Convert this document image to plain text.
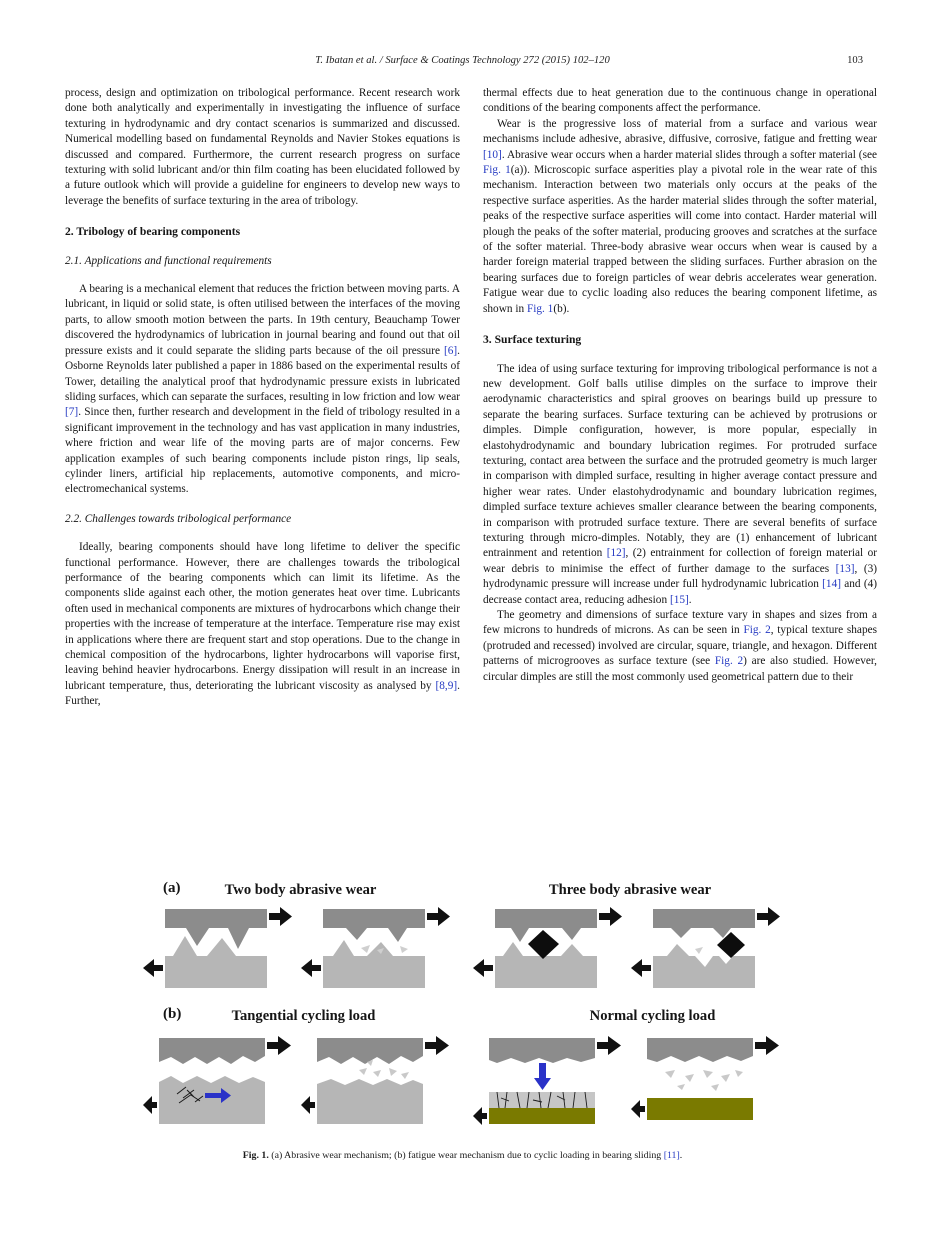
T. Ibatan et al. / Surface & Coatings Technology 272 (2015) 102–120	103

process, design and optimization on tribological performance. Recent research work done both analytically and experimentally in investigating the influence of surface texturing in hydrodynamic and dry contact scenarios is summarized and discussed. Numerical modelling based on fundamental Reynolds and Navier Stokes equations is discussed and compared. Furthermore, the current research progress on surface texturing with solid lubricant and/or thin film coating has been elucidated followed by a future outlook which will provide a guideline for engineers to develop new ways to leverage the benefits of surface texturing in the area of tribology.

2. Tribology of bearing components
2.1. Applications and functional requirements

A bearing is a mechanical element that reduces the friction between moving parts. A lubricant, in liquid or solid state, is often utilised between the interfaces of the moving parts, to allow smooth motion between the parts. In 19th century, Beauchamp Tower discovered the hydrodynamics of lubrication in journal bearing and found out that oil pressure exists and it could separate the sliding parts because of the oil pressure [6]. Osborne Reynolds later published a paper in 1886 based on the experimental results of Tower, detailing the analytical proof that hydrodynamic pressure exists in lubricated sliding surfaces, which can separate the surfaces, resulting in low friction and low wear [7]. Since then, further research and development in the field of tribology resulted in a significant improvement in the technology and has vast application in many industries, where friction and wear life of the moving parts are of major concerns. Few application examples of such bearing components include piston rings, lip seals, cylinder liners, artificial hip replacements, automotive components, and micro-electromechanical systems.

2.2. Challenges towards tribological performance

Ideally, bearing components should have long lifetime to deliver the specific functional performance. However, there are challenges towards the tribological performance of the bearing components which can limit its lifetime. As the components slide against each other, the motion generates heat over time. Lubricants often used in mechanical components are mixtures of hydrocarbons which change their properties with the increase of temperature at the interface. Temperature rise may exist in applications where there are frequent start and stop operations. Due to the change in chemical composition of the hydrocarbons, lighter hydrocarbons will vaporise first, leaving behind heavier hydrocarbons. Energy dissipation will result in an increase in lubricant temperature, thus, deteriorating the lubricant viscosity as analysed by [8,9]. Further,

thermal effects due to heat generation due to the continuous change in operational conditions of the bearing components affect the performance.

Wear is the progressive loss of material from a surface and various wear mechanisms include adhesive, abrasive, diffusive, corrosive, fatigue and fretting wear [10]. Abrasive wear occurs when a harder material slides through a softer material (see Fig. 1(a)). Microscopic surface asperities play a pivotal role in the wear rate of this mechanism. Interaction between two materials only occurs at the peaks of the respective surface asperities. As the harder material slides through the softer material, peaks of the respective surface asperities will come into contact. Harder material will plough the peaks of the softer material, producing grooves and scratches at the surface of the softer material. Three-body abrasive wear occurs when wear is caused by a harder foreign material trapped between the sliding surfaces. Further abrasion on the bearing surfaces due to foreign particles of wear debris accelerates wear generation. Fatigue wear due to cyclic loading also reduces the bearing component lifetime, as shown in Fig. 1(b).

3. Surface texturing

The idea of using surface texturing for improving tribological performance is not a new development. Golf balls utilise dimples on the surface to improve their aerodynamic characteristics and spiral grooves on bearings build up pressure to separate the bearing surfaces. Surface texturing can be achieved by protrusions or dimples. Dimple configuration, however, is more popular, especially in elastohydrodynamic and boundary lubrication regimes. For protruded surface texturing, contact area between the surface and the protruded geometry is much larger in comparison with dimpled surface, resulting in higher average contact pressure and higher wear rates. Under elastohydrodynamic and boundary lubrication regimes, dimpled surface texture achieves smaller clearance between the bearing components, in comparison with protruded surface texture. There are several benefits of surface texturing through micro-dimples. Notably, they are (1) enhancement of lubricant entrainment and retention [12], (2) entrainment for collection of foreign material or wear debris to minimise the effect of further damage to the surfaces [13], (3) hydrodynamic pressure will increase under full hydrodynamic lubrication [14] and (4) decrease contact area, reducing adhesion [15].

The geometry and dimensions of surface texture vary in shapes and sizes from a few microns to hundreds of microns. As can be seen in Fig. 2, typical texture shapes (protruded and recessed) involved are circular, square, triangle, and hexagon. Different patterns of microgrooves as surface texture (see Fig. 2) are also studied. However, circular dimples are still the most commonly used geometrical pattern due to their

(a)	Two body abrasive wear	Three body abrasive wear
(b)	Tangential cycling load	Normal cycling load
Fig. 1. (a) Abrasive wear mechanism; (b) fatigue wear mechanism due to cyclic loading in bearing sliding [11].
